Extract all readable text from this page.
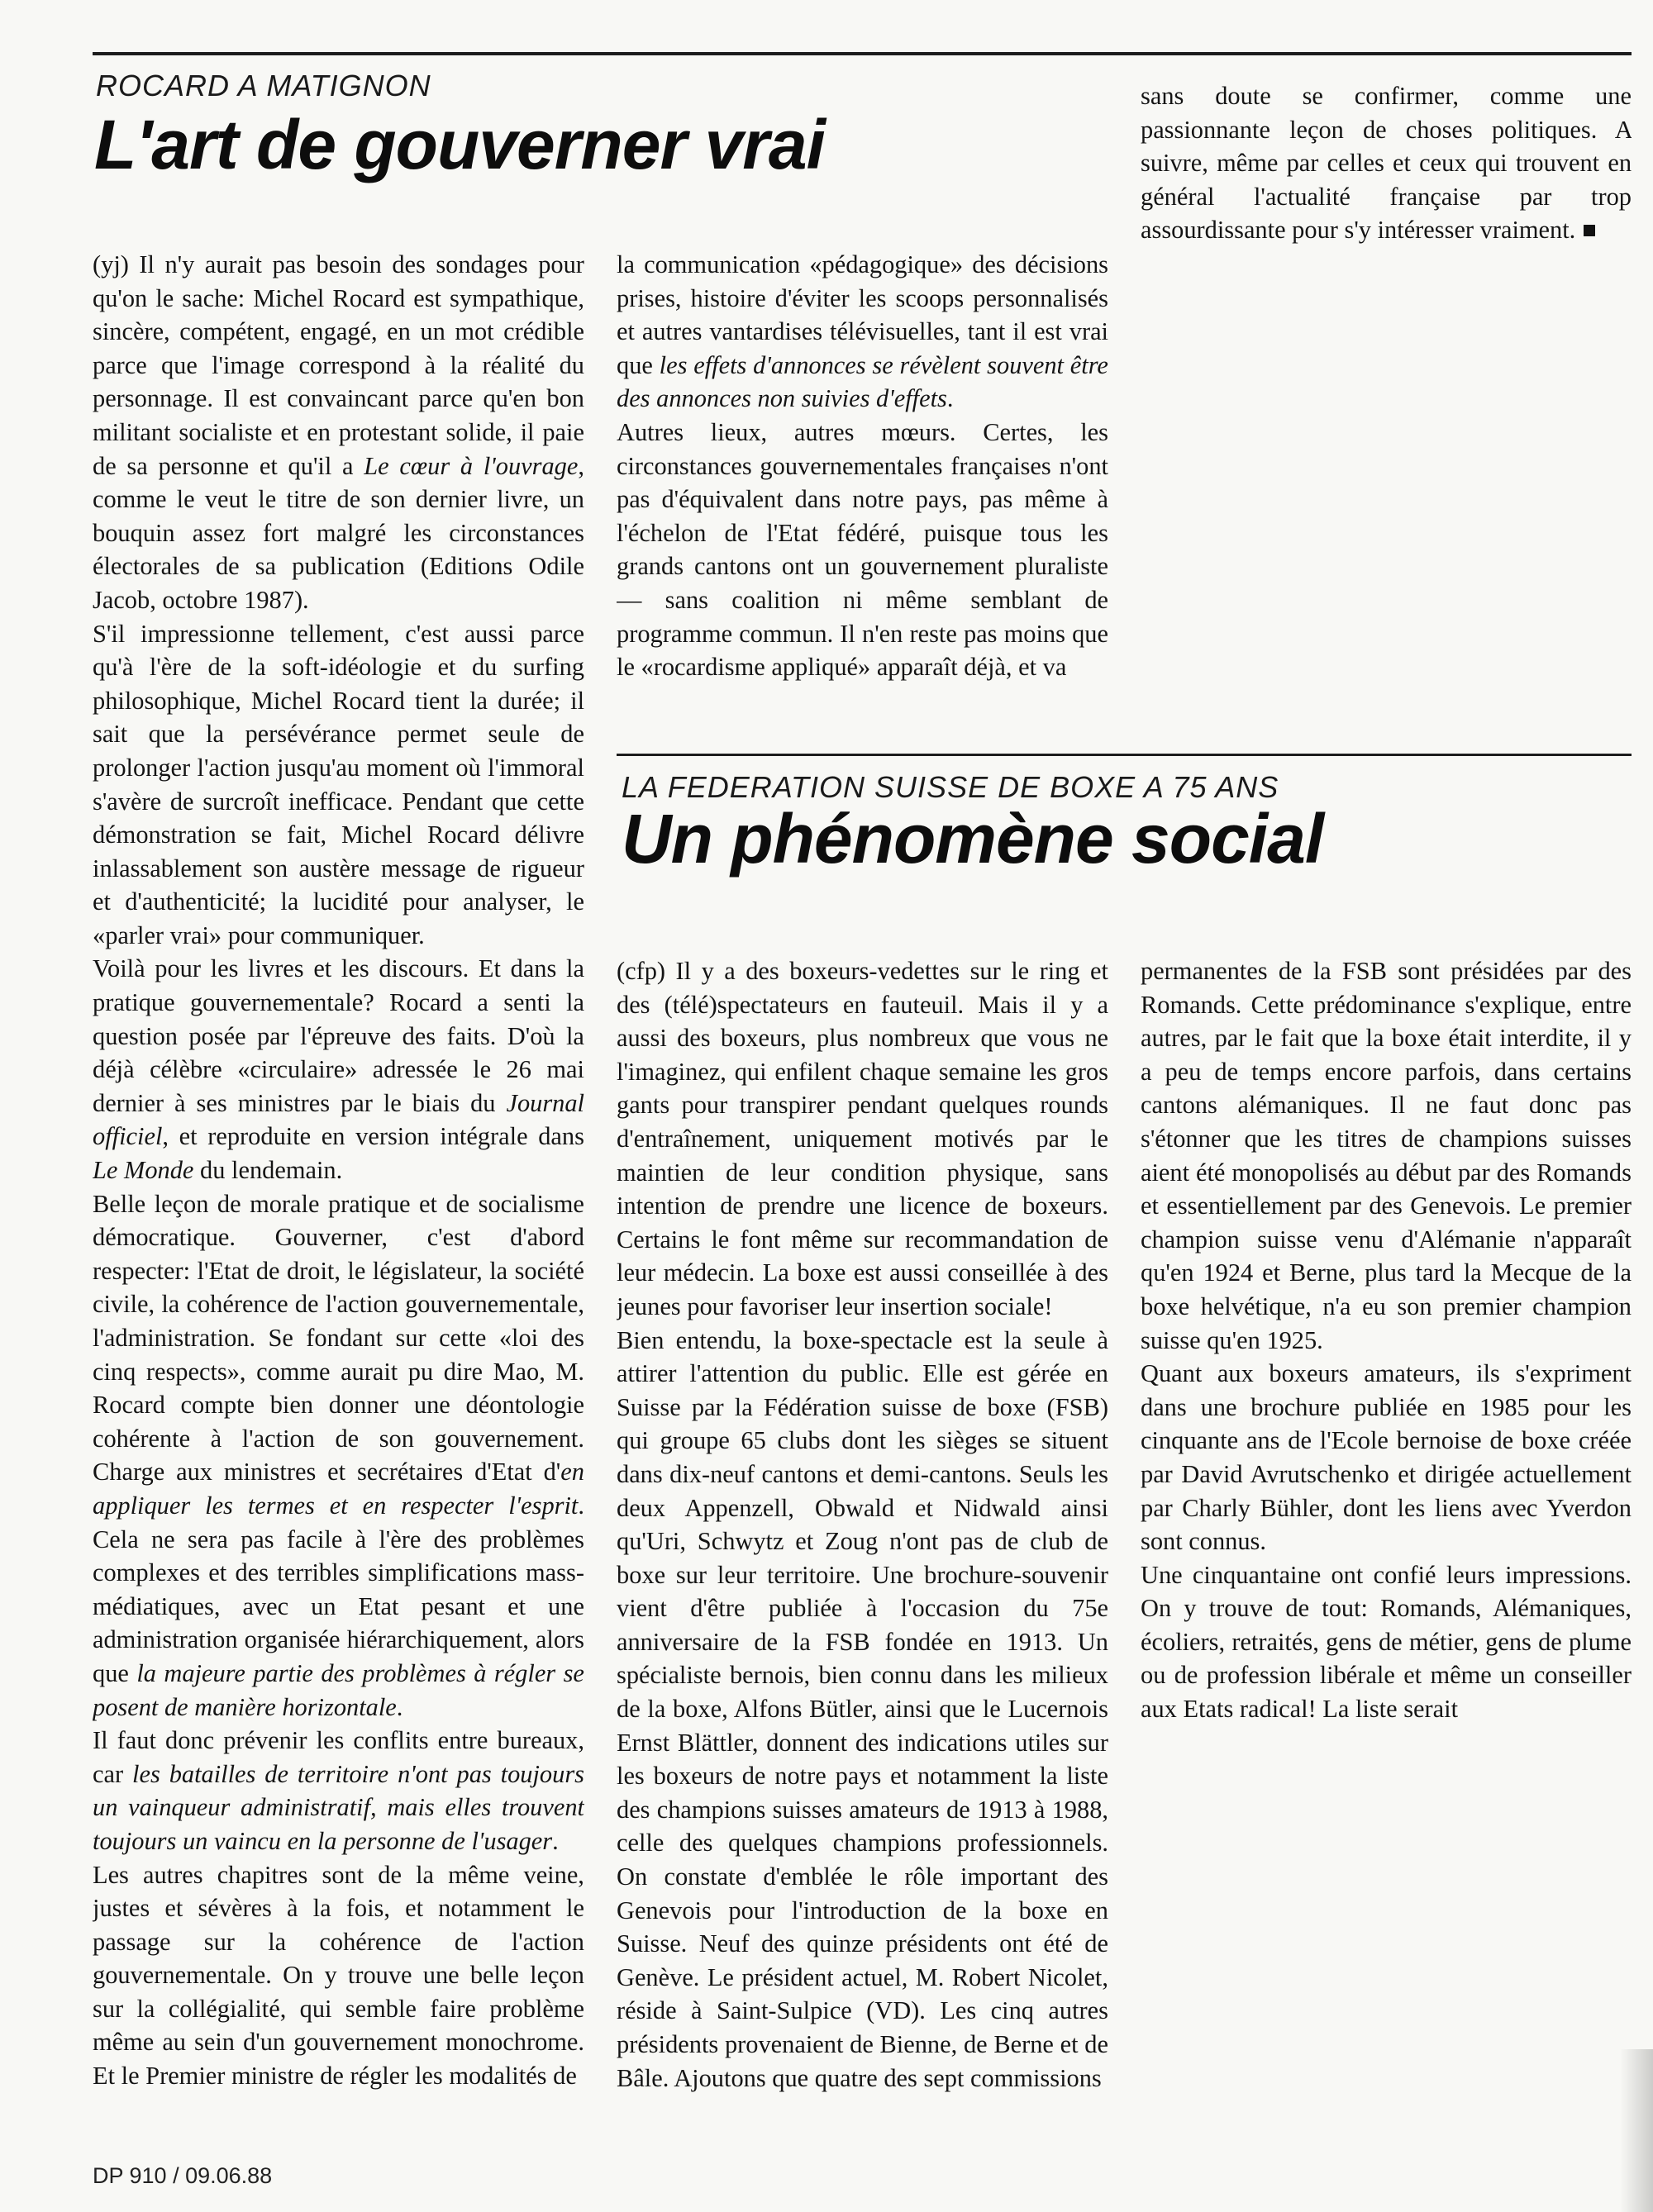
ROCARD A MATIGNON
L'art de gouverner vrai
LA FEDERATION SUISSE DE BOXE A 75 ANS
Un phénomène social

(yj) Il n'y aurait pas besoin des sondages pour qu'on le sache: Michel Rocard est sympathique, sincère, compétent, engagé, en un mot crédible parce que l'image correspond à la réalité du personnage. Il est convaincant parce qu'en bon militant socialiste et en protestant solide, il paie de sa personne et qu'il a Le cœur à l'ouvrage, comme le veut le titre de son dernier livre, un bouquin assez fort malgré les circonstances électorales de sa publication (Editions Odile Jacob, octobre 1987).

S'il impressionne tellement, c'est aussi parce qu'à l'ère de la soft-idéologie et du surfing philosophique, Michel Rocard tient la durée; il sait que la persévérance permet seule de prolonger l'action jusqu'au moment où l'immoral s'avère de surcroît inefficace. Pendant que cette démonstration se fait, Michel Rocard délivre inlassablement son austère message de rigueur et d'authenticité; la lucidité pour analyser, le «parler vrai» pour communiquer.

Voilà pour les livres et les discours. Et dans la pratique gouvernementale? Rocard a senti la question posée par l'épreuve des faits. D'où la déjà célèbre «circulaire» adressée le 26 mai dernier à ses ministres par le biais du Journal officiel, et reproduite en version intégrale dans Le Monde du lendemain.

Belle leçon de morale pratique et de socialisme démocratique. Gouverner, c'est d'abord respecter: l'Etat de droit, le législateur, la société civile, la cohérence de l'action gouvernementale, l'administration. Se fondant sur cette «loi des cinq respects», comme aurait pu dire Mao, M. Rocard compte bien donner une déontologie cohérente à l'action de son gouvernement. Charge aux ministres et secrétaires d'Etat d'en appliquer les termes et en respecter l'esprit. Cela ne sera pas facile à l'ère des problèmes complexes et des terribles simplifications mass-médiatiques, avec un Etat pesant et une administration organisée hiérarchiquement, alors que la majeure partie des problèmes à régler se posent de manière horizontale.

Il faut donc prévenir les conflits entre bureaux, car les batailles de territoire n'ont pas toujours un vainqueur administratif, mais elles trouvent toujours un vaincu en la personne de l'usager.

Les autres chapitres sont de la même veine, justes et sévères à la fois, et notamment le passage sur la cohérence de l'action gouvernementale. On y trouve une belle leçon sur la collégialité, qui semble faire problème même au sein d'un gouvernement monochrome. Et le Premier ministre de régler les modalités de

la communication «pédagogique» des décisions prises, histoire d'éviter les scoops personnalisés et autres vantardises télévisuelles, tant il est vrai que les effets d'annonces se révèlent souvent être des annonces non suivies d'effets.

Autres lieux, autres mœurs. Certes, les circonstances gouvernementales françaises n'ont pas d'équivalent dans notre pays, pas même à l'échelon de l'Etat fédéré, puisque tous les grands cantons ont un gouvernement pluraliste — sans coalition ni même semblant de programme commun. Il n'en reste pas moins que le «rocardisme appliqué» apparaît déjà, et va

sans doute se confirmer, comme une passionnante leçon de choses politiques. A suivre, même par celles et ceux qui trouvent en général l'actualité française par trop assourdissante pour s'y intéresser vraiment.

(cfp) Il y a des boxeurs-vedettes sur le ring et des (télé)spectateurs en fauteuil. Mais il y a aussi des boxeurs, plus nombreux que vous ne l'imaginez, qui enfilent chaque semaine les gros gants pour transpirer pendant quelques rounds d'entraînement, uniquement motivés par le maintien de leur condition physique, sans intention de prendre une licence de boxeurs. Certains le font même sur recommandation de leur médecin. La boxe est aussi conseillée à des jeunes pour favoriser leur insertion sociale!

Bien entendu, la boxe-spectacle est la seule à attirer l'attention du public. Elle est gérée en Suisse par la Fédération suisse de boxe (FSB) qui groupe 65 clubs dont les sièges se situent dans dix-neuf cantons et demi-cantons. Seuls les deux Appenzell, Obwald et Nidwald ainsi qu'Uri, Schwytz et Zoug n'ont pas de club de boxe sur leur territoire. Une brochure-souvenir vient d'être publiée à l'occasion du 75e anniversaire de la FSB fondée en 1913. Un spécialiste bernois, bien connu dans les milieux de la boxe, Alfons Bütler, ainsi que le Lucernois Ernst Blättler, donnent des indications utiles sur les boxeurs de notre pays et notamment la liste des champions suisses amateurs de 1913 à 1988, celle des quelques champions professionnels. On constate d'emblée le rôle important des Genevois pour l'introduction de la boxe en Suisse. Neuf des quinze présidents ont été de Genève. Le président actuel, M. Robert Nicolet, réside à Saint-Sulpice (VD). Les cinq autres présidents provenaient de Bienne, de Berne et de Bâle. Ajoutons que quatre des sept commissions

permanentes de la FSB sont présidées par des Romands. Cette prédominance s'explique, entre autres, par le fait que la boxe était interdite, il y a peu de temps encore parfois, dans certains cantons alémaniques. Il ne faut donc pas s'étonner que les titres de champions suisses aient été monopolisés au début par des Romands et essentiellement par des Genevois. Le premier champion suisse venu d'Alémanie n'apparaît qu'en 1924 et Berne, plus tard la Mecque de la boxe helvétique, n'a eu son premier champion suisse qu'en 1925.

Quant aux boxeurs amateurs, ils s'expriment dans une brochure publiée en 1985 pour les cinquante ans de l'Ecole bernoise de boxe créée par David Avrutschenko et dirigée actuellement par Charly Bühler, dont les liens avec Yverdon sont connus.

Une cinquantaine ont confié leurs impressions. On y trouve de tout: Romands, Alémaniques, écoliers, retraités, gens de métier, gens de plume ou de profession libérale et même un conseiller aux Etats radical! La liste serait

DP 910 / 09.06.88
